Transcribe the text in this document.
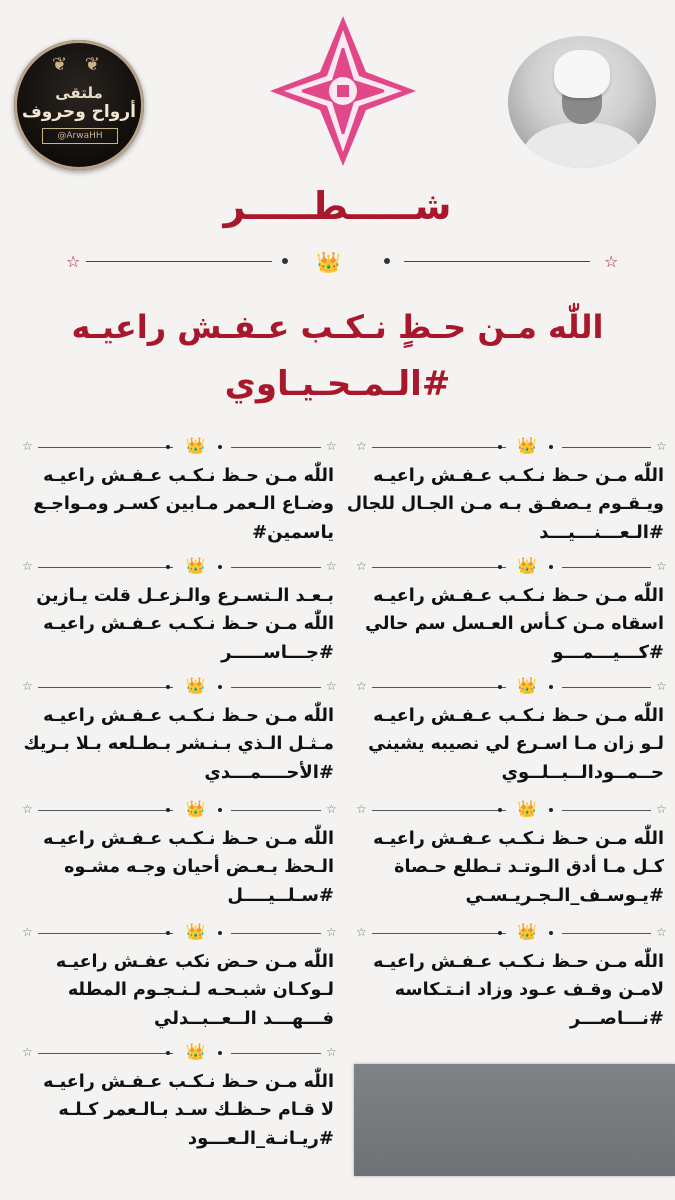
❦ ❦
ملتقى
أرواح وحروف
@ArwaHH
شـــــطـــــر
☆	👑	☆
اللّٰه مـن حـظٍ نـكـب عـفـش راعيـه
#الـمـحـيـاوي
☆	👑	☆
اللّٰه مـن حـظ نـكـب عـفـش راعيـه
وضـاع الـعمر مـابين كسـر ومـواجـع
ياسمين#
☆	👑	☆
اللّٰه مـن حـظ نـكـب عـفـش راعيـه
ويـقـوم يـصفـق بـه مـن الجـال للجال
#الـعـــنـــيـــد
☆	👑	☆
بـعـد الـتسـرع والـزعـل قلت يـازين
اللّٰه مـن حـظ نـكـب عـفـش راعيـه
#جـــاســـــر
☆	👑	☆
اللّٰه مـن حـظ نـكـب عـفـش راعيـه
اسقاه مـن كـأس العـسل سم حالي
#كـــيـــمـــو
☆	👑	☆
اللّٰه مـن حـظ نـكـب عـفـش راعيـه
مـثـل الـذي بـنـشر بـطـلعه بـلا بـريك
#الأحــــمـــدي
☆	👑	☆
اللّٰه مـن حـظ نـكـب عـفـش راعيـه
لـو زان مـا اسـرع لي نصيبه يشيني
حــمــودالــبــلــوي
☆	👑	☆
اللّٰه مـن حـظ نـكـب عـفـش راعيـه
الـحظ بـعـض أحيان وجـه مشـوه
#سـلــيــــل
☆	👑	☆
اللّٰه مـن حـظ نـكـب عـفـش راعيـه
كـل مـا أدق الـوتـد تـطلع حـصاة
#يـوسـف_الـجـريـسـي
☆	👑	☆
اللّٰه مـن حـض نكب عفـش راعيـه
لـوكـان شبـحـه لـنـجـوم المطله
فـــهـــد الــعــبــدلي
☆	👑	☆
اللّٰه مـن حـظ نـكـب عـفـش راعيـه
لامـن وقـف عـود وزاد انـتـكاسه
#نـــاصـــر
☆	👑	☆
اللّٰه مـن حـظ نـكـب عـفـش راعيـه
لا قـام حـظـك سـد بـالـعمر كـلـه
#ريـانـة_الـعـــود
